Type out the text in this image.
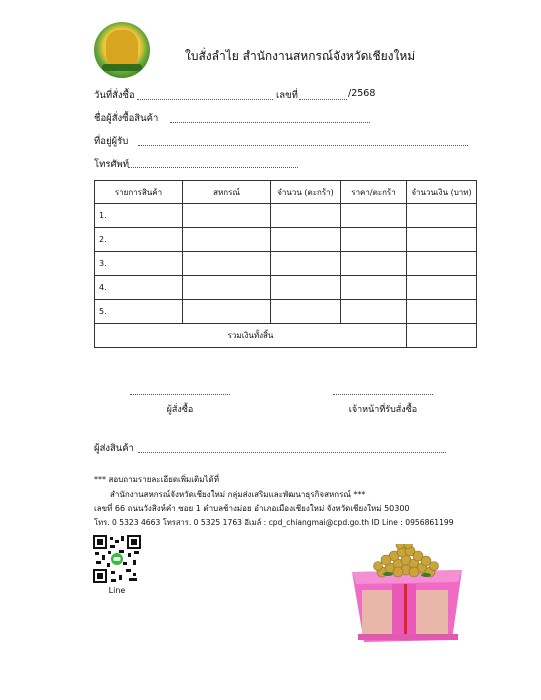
ใบสั่งลำไย สำนักงานสหกรณ์จังหวัดเชียงใหม่
วันที่สั่งซื้อ	เลขที่	/2568
ชื่อผู้สั่งซื้อสินค้า
ที่อยู่ผู้รับ
โทรศัพท์
รายการสินค้า	สหกรณ์	จำนวน (ตะกร้า)	ราคา/ตะกร้า	จำนวนเงิน (บาท)
1.				
2.				
3.				
4.				
5.				
รวมเงินทั้งสิ้น				
ผู้สั่งซื้อ	เจ้าหน้าที่รับสั่งซื้อ
ผู้ส่งสินค้า
*** สอบถามรายละเอียดเพิ่มเติมได้ที่
สำนักงานสหกรณ์จังหวัดเชียงใหม่ กลุ่มส่งเสริมและพัฒนาธุรกิจสหกรณ์ ***
เลขที่ 66 ถนนวังสิงห์คำ ซอย 1 ตำบลช้างม่อย อำเภอเมืองเชียงใหม่ จังหวัดเชียงใหม่ 50300
โทร. 0 5323 4663 โทรสาร. 0 5325 1763 อีเมล์ : cpd_chiangmai@cpd.go.th ID Line : 0956861199
Line
